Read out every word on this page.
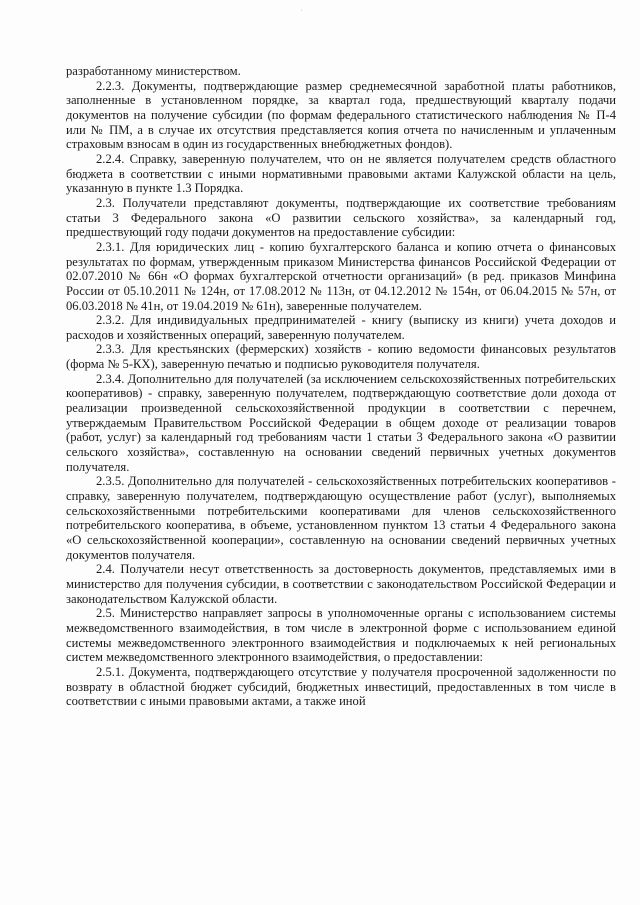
·

разработанному министерством.

2.2.3. Документы, подтверждающие размер среднемесячной заработной платы работников, заполненные в установленном порядке, за квартал года, предшествующий кварталу подачи документов на получение субсидии (по формам федерального статистического наблюдения № П-4 или № ПМ, а в случае их отсутствия представляется копия отчета по начисленным и уплаченным страховым взносам в один из государственных внебюджетных фондов).

2.2.4. Справку, заверенную получателем, что он не является получателем средств областного бюджета в соответствии с иными нормативными правовыми актами Калужской области на цель, указанную в пункте 1.3 Порядка.

2.3. Получатели представляют документы, подтверждающие их соответствие требованиям статьи 3 Федерального закона «О развитии сельского хозяйства», за календарный год, предшествующий году подачи документов на предоставление субсидии:

2.3.1. Для юридических лиц - копию бухгалтерского баланса и копию отчета о финансовых результатах по формам, утвержденным приказом Министерства финансов Российской Федерации от 02.07.2010 № 66н «О формах бухгалтерской отчетности организаций» (в ред. приказов Минфина России от 05.10.2011 № 124н, от 17.08.2012 № 113н, от 04.12.2012 № 154н, от 06.04.2015 № 57н, от 06.03.2018 № 41н, от 19.04.2019 № 61н), заверенные получателем.

2.3.2. Для индивидуальных предпринимателей - книгу (выписку из книги) учета доходов и расходов и хозяйственных операций, заверенную получателем.

2.3.3. Для крестьянских (фермерских) хозяйств - копию ведомости финансовых результатов (форма № 5-КХ), заверенную печатью и подписью руководителя получателя.

2.3.4. Дополнительно для получателей (за исключением сельскохозяйственных потребительских кооперативов) - справку, заверенную получателем, подтверждающую соответствие доли дохода от реализации произведенной сельскохозяйственной продукции в соответствии с перечнем, утверждаемым Правительством Российской Федерации в общем доходе от реализации товаров (работ, услуг) за календарный год требованиям части 1 статьи 3 Федерального закона «О развитии сельского хозяйства», составленную на основании сведений первичных учетных документов получателя.

2.3.5. Дополнительно для получателей - сельскохозяйственных потребительских кооперативов - справку, заверенную получателем, подтверждающую осуществление работ (услуг), выполняемых сельскохозяйственными потребительскими кооперативами для членов сельскохозяйственного потребительского кооператива, в объеме, установленном пунктом 13 статьи 4 Федерального закона «О сельскохозяйственной кооперации», составленную на основании сведений первичных учетных документов получателя.

2.4. Получатели несут ответственность за достоверность документов, представляемых ими в министерство для получения субсидии, в соответствии с законодательством Российской Федерации и законодательством Калужской области.

2.5. Министерство направляет запросы в уполномоченные органы с использованием системы межведомственного взаимодействия, в том числе в электронной форме с использованием единой системы межведомственного электронного взаимодействия и подключаемых к ней региональных систем межведомственного электронного взаимодействия, о предоставлении:

2.5.1. Документа, подтверждающего отсутствие у получателя просроченной задолженности по возврату в областной бюджет субсидий, бюджетных инвестиций, предоставленных в том числе в соответствии с иными правовыми актами, а также иной
